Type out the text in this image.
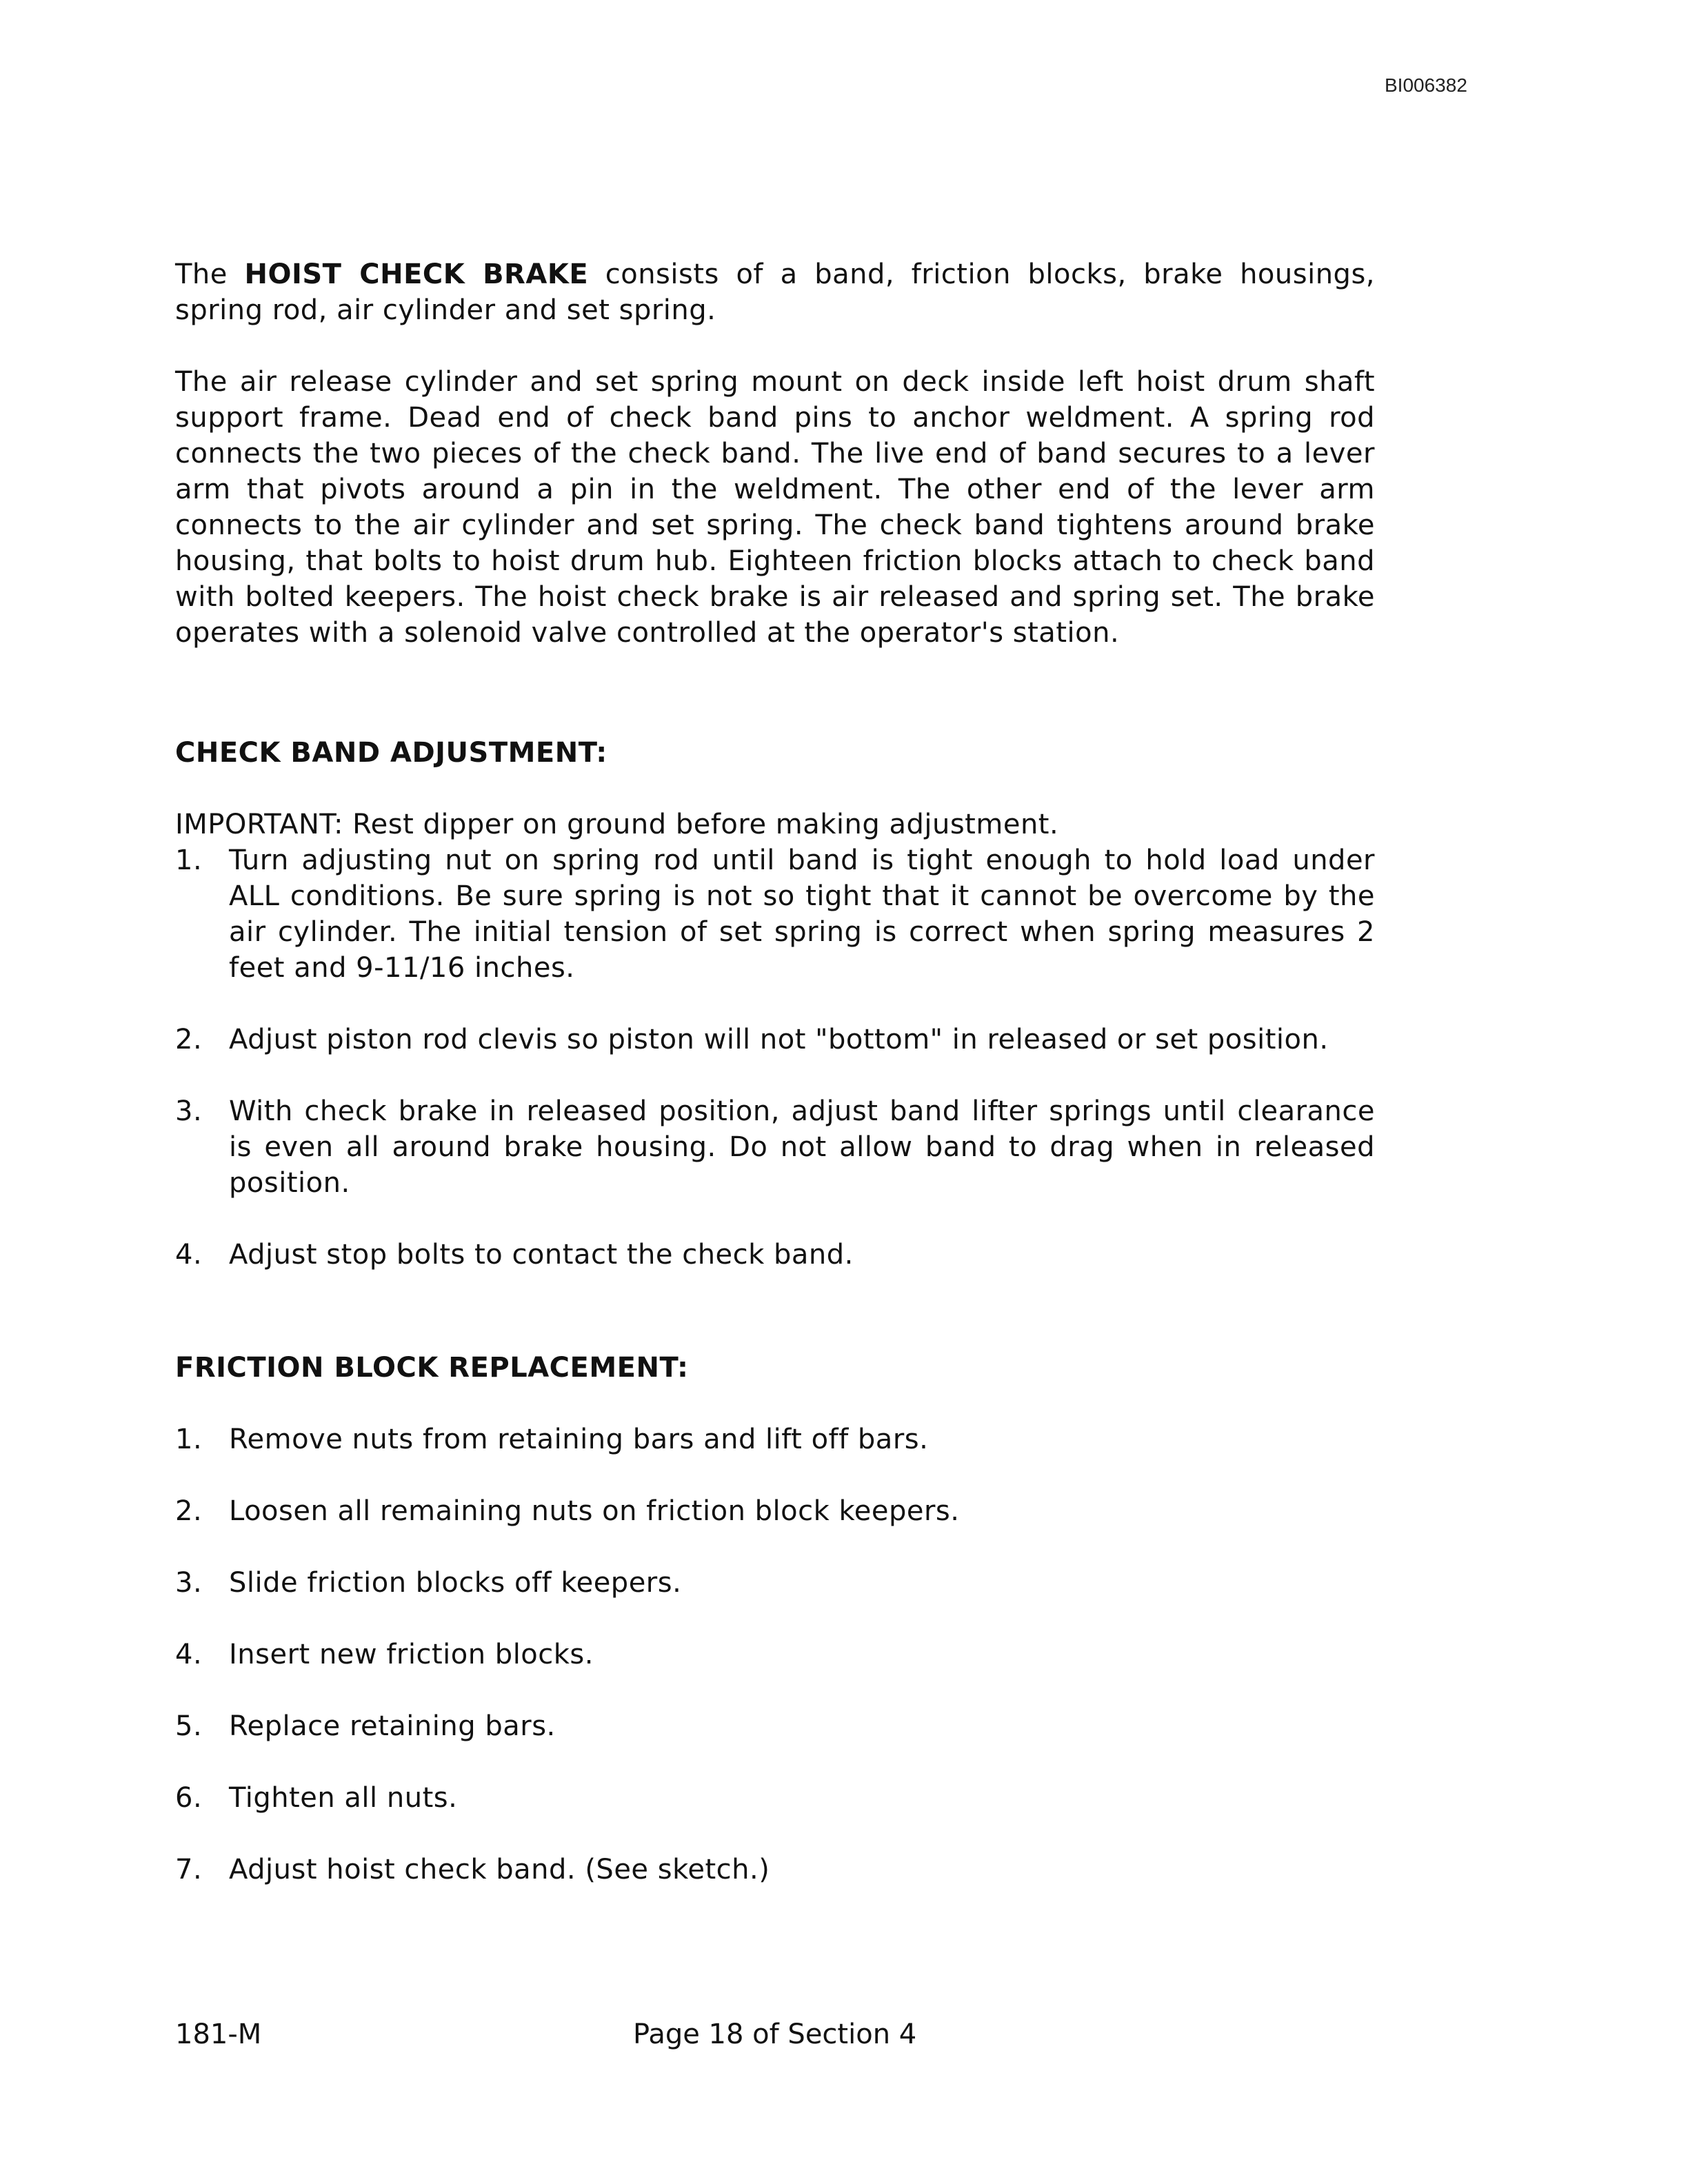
BI006382

The HOIST CHECK BRAKE consists of a band, friction blocks, brake housings, spring rod, air cylinder and set spring.

The air release cylinder and set spring mount on deck inside left hoist drum shaft support frame. Dead end of check band pins to anchor weldment. A spring rod connects the two pieces of the check band. The live end of band secures to a lever arm that pivots around a pin in the weldment. The other end of the lever arm connects to the air cylinder and set spring. The check band tightens around brake housing, that bolts to hoist drum hub. Eighteen friction blocks attach to check band with bolted keepers. The hoist check brake is air released and spring set. The brake operates with a solenoid valve controlled at the operator's station.

CHECK BAND ADJUSTMENT:

IMPORTANT: Rest dipper on ground before making adjustment.

1. Turn adjusting nut on spring rod until band is tight enough to hold load under ALL conditions. Be sure spring is not so tight that it cannot be overcome by the air cylinder. The initial tension of set spring is correct when spring measures 2 feet and 9-11/16 inches.
2. Adjust piston rod clevis so piston will not "bottom" in released or set position.
3. With check brake in released position, adjust band lifter springs until clearance is even all around brake housing. Do not allow band to drag when in released position.
4. Adjust stop bolts to contact the check band.

FRICTION BLOCK REPLACEMENT:

1. Remove nuts from retaining bars and lift off bars.
2. Loosen all remaining nuts on friction block keepers.
3. Slide friction blocks off keepers.
4. Insert new friction blocks.
5. Replace retaining bars.
6. Tighten all nuts.
7. Adjust hoist check band. (See sketch.)
181-M	Page 18 of Section 4
